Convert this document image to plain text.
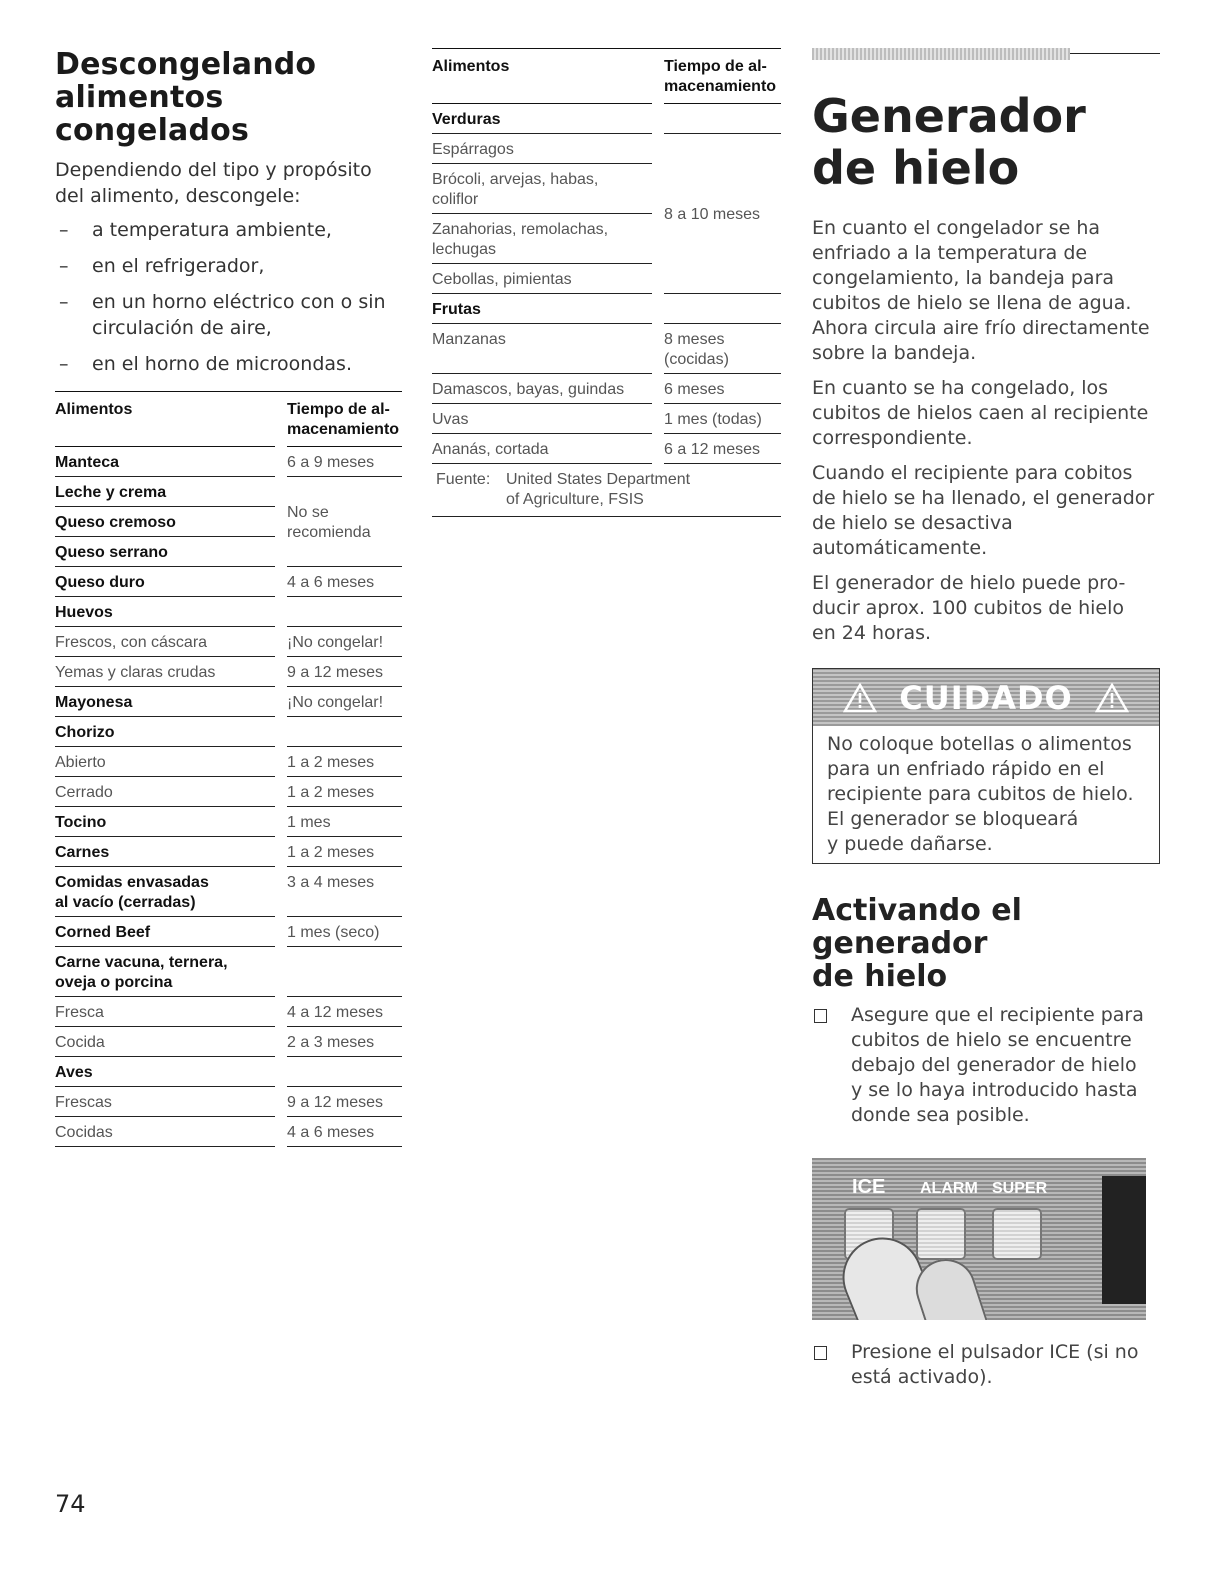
Descongelando alimentos congelados

Dependiendo del tipo y propósito del alimento, descongele:

– a temperatura ambiente,
– en el refrigerador,
– en un horno eléctrico con o sin circulación de aire,
– en el horno de microondas.
Alimentos		Tiempo de al-
macenamiento
Manteca		6 a 9 meses
Leche y crema		No se
recomienda
Queso cremoso		
Queso serrano		
Queso duro		4 a 6 meses
Huevos		
Frescos, con cáscara		¡No congelar!
Yemas y claras crudas		9 a 12 meses
Mayonesa		¡No congelar!
Chorizo		
Abierto		1 a 2 meses
Cerrado		1 a 2 meses
Tocino		1 mes
Carnes		1 a 2 meses
Comidas envasadas
al vacío (cerradas)		3 a 4 meses
Corned Beef		1 mes (seco)
Carne vacuna, ternera,
oveja o porcina		
Fresca		4 a 12 meses
Cocida		2 a 3 meses
Aves		
Frescas		9 a 12 meses
Cocidas		4 a 6 meses
Alimentos		Tiempo de al-
macenamiento
Verduras		
Espárragos		8 a 10 meses
Brócoli, arvejas, habas,
coliflor		
Zanahorias, remolachas,
lechugas		
Cebollas, pimientas		
Frutas		
Manzanas		8 meses
(cocidas)
Damascos, bayas, guindas		6 meses
Uvas		1 mes (todas)
Ananás, cortada		6 a 12 meses
Fuente: United States Department
of Agriculture, FSIS
Generador
de hielo

En cuanto el congelador se ha enfriado a la temperatura de congelamiento, la bandeja para cubitos de hielo se llena de agua. Ahora circula aire frío directamente sobre la bandeja.

En cuanto se ha congelado, los cubitos de hielos caen al recipiente correspondiente.

Cuando el recipiente para cobitos de hielo se ha llenado, el generador de hielo se desactiva automáticamente.

El generador de hielo puede pro-
ducir aprox. 100 cubitos de hielo
en 24 horas.

CUIDADO
No coloque botellas o alimentos
para un enfriado rápido en el
recipiente para cubitos de hielo.
El generador se bloqueará
y puede dañarse.
Activando el generador
de hielo
Asegure que el recipiente para
cubitos de hielo se encuentre
debajo del generador de hielo
y se lo haya introducido hasta
donde sea posible.
ICE ALARM SUPER
Presione el pulsador ICE (si no
está activado).
74
